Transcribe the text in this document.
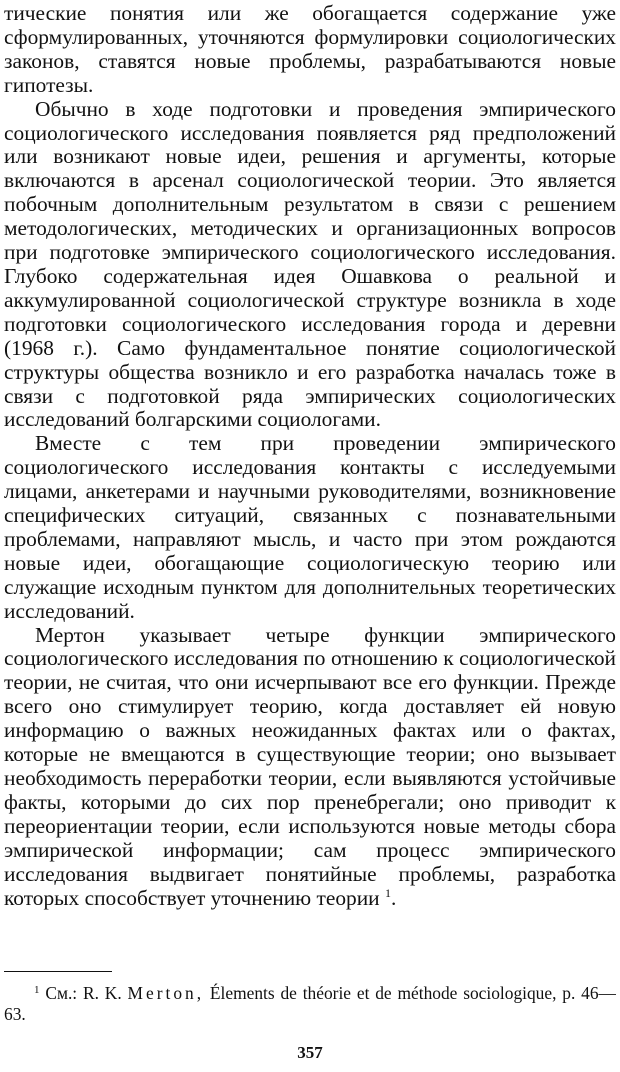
тические понятия или же обогащается содержание уже сформулированных, уточняются формулировки социологических законов, ставятся новые проблемы, разрабатываются новые гипотезы.

Обычно в ходе подготовки и проведения эмпирического социологического исследования появляется ряд предположений или возникают новые идеи, решения и аргументы, которые включаются в арсенал социологической теории. Это является побочным дополнительным результатом в связи с решением методологических, методических и организационных вопросов при подготовке эмпирического социологического исследования. Глубоко содержательная идея Ошавкова о реальной и аккумулированной социологической структуре возникла в ходе подготовки социологического исследования города и деревни (1968 г.). Само фундаментальное понятие социологической структуры общества возникло и его разработка началась тоже в связи с подготовкой ряда эмпирических социологических исследований болгарскими социологами.

Вместе с тем при проведении эмпирического социологического исследования контакты с исследуемыми лицами, анкетерами и научными руководителями, возникновение специфических ситуаций, связанных с познавательными проблемами, направляют мысль, и часто при этом рождаются новые идеи, обогащающие социологическую теорию или служащие исходным пунктом для дополнительных теоретических исследований.

Мертон указывает четыре функции эмпирического социологического исследования по отношению к социологической теории, не считая, что они исчерпывают все его функции. Прежде всего оно стимулирует теорию, когда доставляет ей новую информацию о важных неожиданных фактах или о фактах, которые не вмещаются в существующие теории; оно вызывает необходимость переработки теории, если выявляются устойчивые факты, которыми до сих пор пренебрегали; оно приводит к переориентации теории, если используются новые методы сбора эмпирической информации; сам процесс эмпирического исследования выдвигает понятийные проблемы, разработка которых способствует уточнению теории $^1$.

1 См.: R. K. Merton, Élements de théorie et de méthode sociologique, p. 46—63.
357
